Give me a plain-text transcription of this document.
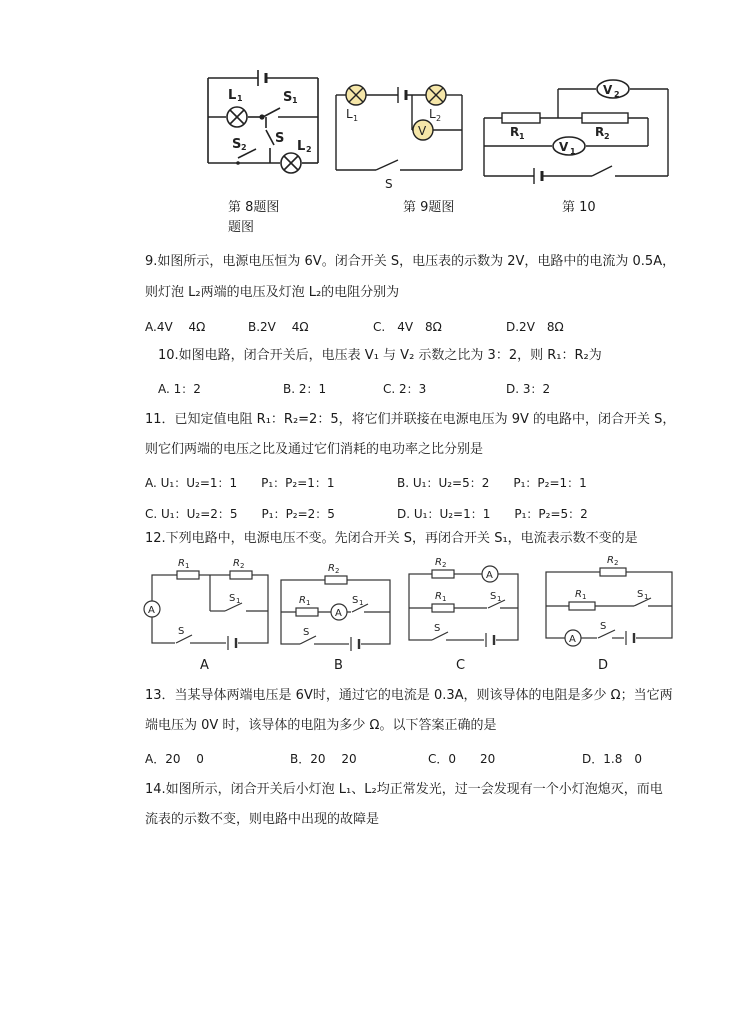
L 1	S 1
S
S 2	L 2
V
L 1	L 2
S
V 2
V 1
R 1	R 2
第 8题图
题图
第 9题图	第 10
9.如图所示，电源电压恒为 6V。闭合开关 S，电压表的示数为 2V，电路中的电流为 0.5A，
则灯泡 L₂两端的电压及灯泡 L₂的电阻分别为
A.4V　 4Ω	B.2V　 4Ω	C.　4V　8Ω	D.2V　8Ω
10.如图电路，闭合开关后，电压表 V₁ 与 V₂ 示数之比为 3：2，则 R₁：R₂为
A. 1：2	B. 2：1	C. 2：3	D. 3：2
11．已知定值电阻 R₁：R₂=2：5，将它们并联接在电源电压为 9V 的电路中，闭合开关 S，
则它们两端的电压之比及通过它们消耗的电功率之比分别是
A. U₁：U₂=1：1　　P₁：P₂=1：1	B. U₁：U₂=5：2　　P₁：P₂=1：1
C. U₁：U₂=2：5　　P₁：P₂=2：5	D. U₁：U₂=1：1　　P₁：P₂=5：2
12.下列电路中，电源电压不变。先闭合开关 S，再闭合开关 S₁，电流表示数不变的是
A
R 1	R 2
S 1
S
A
R 2
R 1	S 1
S
A
R 2
R 1	S 1
S
A
R 2
R 1	S 1
S
A	B	C	D
13．当某导体两端电压是 6V时，通过它的电流是 0.3A，则该导体的电阻是多少 Ω；当它两
端电压为 0V 时，该导体的电阻为多少 Ω。以下答案正确的是
A．20　 0	B．20　 20	C．0　　20	D．1.8　0
14.如图所示，闭合开关后小灯泡 L₁、L₂均正常发光，过一会发现有一个小灯泡熄灭，而电
流表的示数不变，则电路中出现的故障是
